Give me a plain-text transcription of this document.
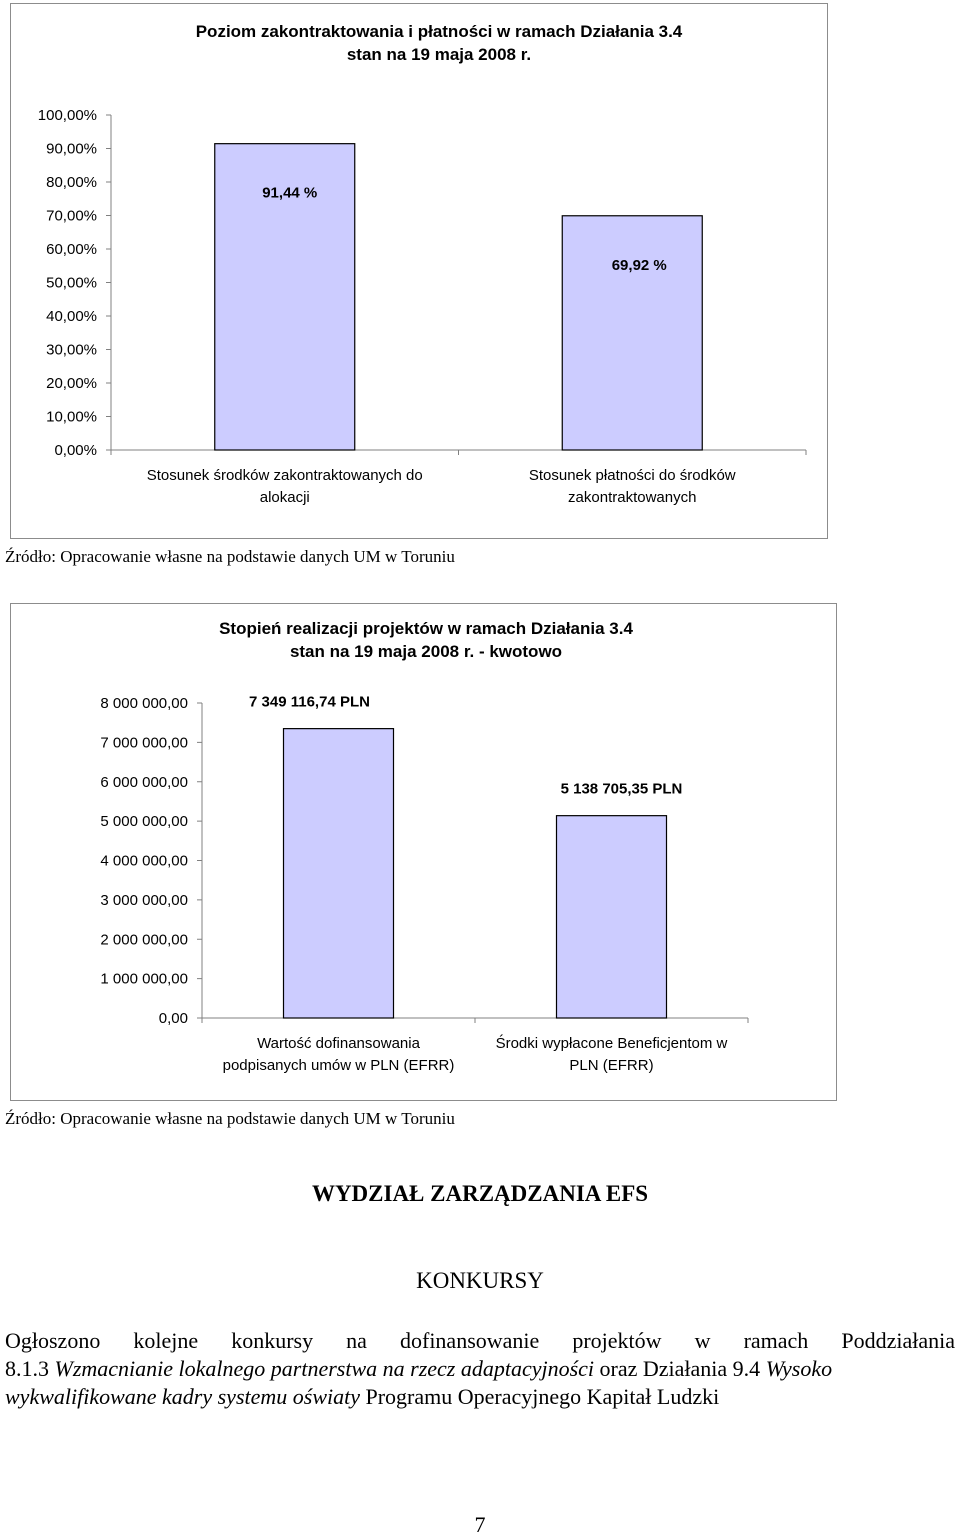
Poziom zakontraktowania i płatności w ramach Działania 3.4
stan na 19 maja 2008 r.
0,00%
10,00%
20,00%
30,00%
40,00%
50,00%
60,00%
70,00%
80,00%
90,00%
100,00%
91,44 %
Stosunek środków zakontraktowanych do
alokacji
69,92 %
Stosunek płatności do środków
zakontraktowanych

Źródło: Opracowanie własne na podstawie danych UM w Toruniu

Stopień realizacji projektów w ramach Działania 3.4
stan na 19 maja 2008 r. - kwotowo
0,00
1 000 000,00
2 000 000,00
3 000 000,00
4 000 000,00
5 000 000,00
6 000 000,00
7 000 000,00
8 000 000,00	7 349 116,74 PLN
Wartość dofinansowania
podpisanych umów w PLN (EFRR)
5 138 705,35 PLN
Środki wypłacone Beneficjentom w
PLN (EFRR)

Źródło: Opracowanie własne na podstawie danych UM w Toruniu

WYDZIAŁ ZARZĄDZANIA EFS
KONKURSY

Ogłoszono kolejne konkursy na dofinansowanie projektów w ramach Poddziałania
8.1.3 Wzmacnianie lokalnego partnerstwa na rzecz adaptacyjności oraz Działania 9.4 Wysoko
wykwalifikowane kadry systemu oświaty Programu Operacyjnego Kapitał Ludzki

7
